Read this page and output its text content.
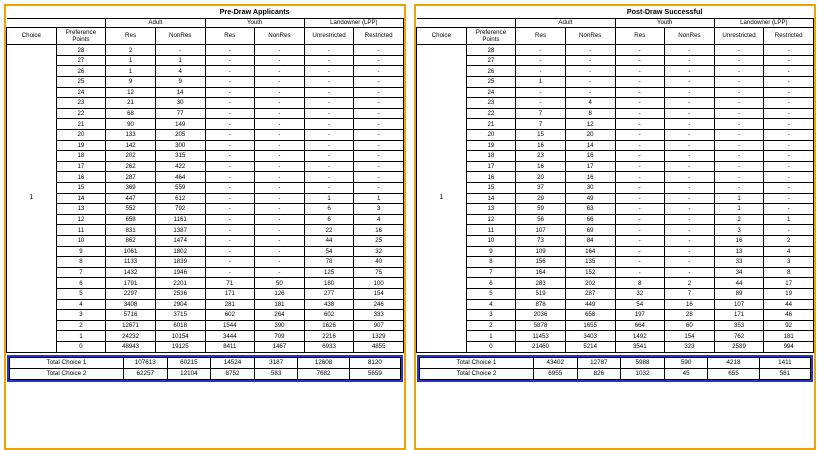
		Pre-Draw Applicants					
		Adult		Youth		Landowner (LPP)	
Choice	Preference Points	Res	NonRes	Res	NonRes	Unrestricted	Restricted
1	28	2	-	-	-	-	-
	27	1	1	-	-	-	-
	26	1	4	-	-	-	-
	25	9	9	-	-	-	-
	24	12	14	-	-	-	-
	23	21	30	-	-	-	-
	22	68	77	-	-	-	-
	21	90	149	-	-	-	-
	20	133	205	-	-	-	-
	19	142	300	-	-	-	-
	18	202	315	-	-	-	-
	17	262	422	-	-	-	-
	16	287	464	-	-	-	-
	15	369	559	-	-	-	-
	14	447	612	-	-	1	1
	13	552	792	-	-	6	3
	12	658	1161	-	-	6	4
	11	831	1387	-	-	22	16
	10	862	1474	-	-	44	25
	9	1061	1802	-	-	54	32
	8	1133	1839	-	-	78	40
	7	1432	1946	-	-	125	75
	6	1791	2201	71	50	180	100
	5	2297	2536	171	126	277	154
	4	3408	2904	281	181	438	246
	3	5716	3715	602	264	602	333
	2	12671	6018	1544	390	1626	907
	1	24232	10154	3444	709	2216	1329
	0	48943	19125	8411	1467	6933	4855
Total Choice 1	107613	60215	14524	3187	12608	8120
Total Choice 2	62257	12104	8752	583	7682	5659
		Post-Draw Successful					
		Adult		Youth		Landowner (LPP)	
Choice	Preference Points	Res	NonRes	Res	NonRes	Unrestricted	Restricted
1	28	-	-	-	-	-	-
	27	-	-	-	-	-	-
	26	-	-	-	-	-	-
	25	1	-	-	-	-	-
	24	-	-	-	-	-	-
	23	-	4	-	-	-	-
	22	7	8	-	-	-	-
	21	7	12	-	-	-	-
	20	15	20	-	-	-	-
	19	16	14	-	-	-	-
	18	23	16	-	-	-	-
	17	16	17	-	-	-	-
	16	20	16	-	-	-	-
	15	37	30	-	-	-	-
	14	29	49	-	-	1	-
	13	59	63	-	-	1	-
	12	56	66	-	-	2	1
	11	107	69	-	-	3	-
	10	73	84	-	-	16	2
	9	109	164	-	-	13	4
	8	156	135	-	-	33	3
	7	164	152	-	-	34	8
	6	283	202	8	2	44	17
	5	519	287	32	7	89	19
	4	878	449	54	16	107	44
	3	2036	658	197	28	171	46
	2	5878	1655	664	60	353	92
	1	11453	3403	1492	154	762	181
	0	21460	5214	3541	323	2589	994
Total Choice 1	43402	12787	5988	590	4218	1411
Total Choice 2	6955	826	1032	45	655	581
